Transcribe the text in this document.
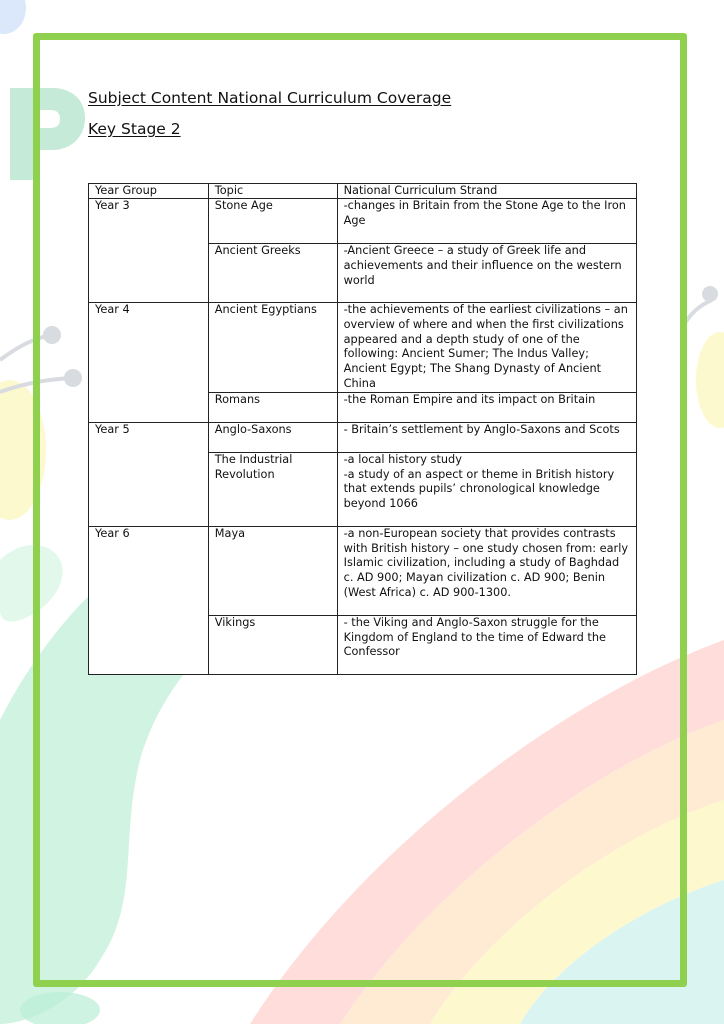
Subject Content National Curriculum Coverage
Key Stage 2
Year Group	Topic	National Curriculum Strand
Year 3	Stone Age	-changes in Britain from the Stone Age to the Iron Age
	Ancient Greeks	-Ancient Greece – a study of Greek life and achievements and their influence on the western world
Year 4	Ancient Egyptians	-the achievements of the earliest civilizations – an overview of where and when the first civilizations appeared and a depth study of one of the following: Ancient Sumer; The Indus Valley; Ancient Egypt; The Shang Dynasty of Ancient China
	Romans	-the Roman Empire and its impact on Britain
Year 5	Anglo-Saxons	- Britain’s settlement by Anglo-Saxons and Scots
	The Industrial Revolution	-a local history study
-a study of an aspect or theme in British history that extends pupils’ chronological knowledge beyond 1066
Year 6	Maya	-a non-European society that provides contrasts with British history – one study chosen from: early Islamic civilization, including a study of Baghdad c. AD 900; Mayan civilization c. AD 900; Benin (West Africa) c. AD 900-1300.
	Vikings	- the Viking and Anglo-Saxon struggle for the Kingdom of England to the time of Edward the Confessor
